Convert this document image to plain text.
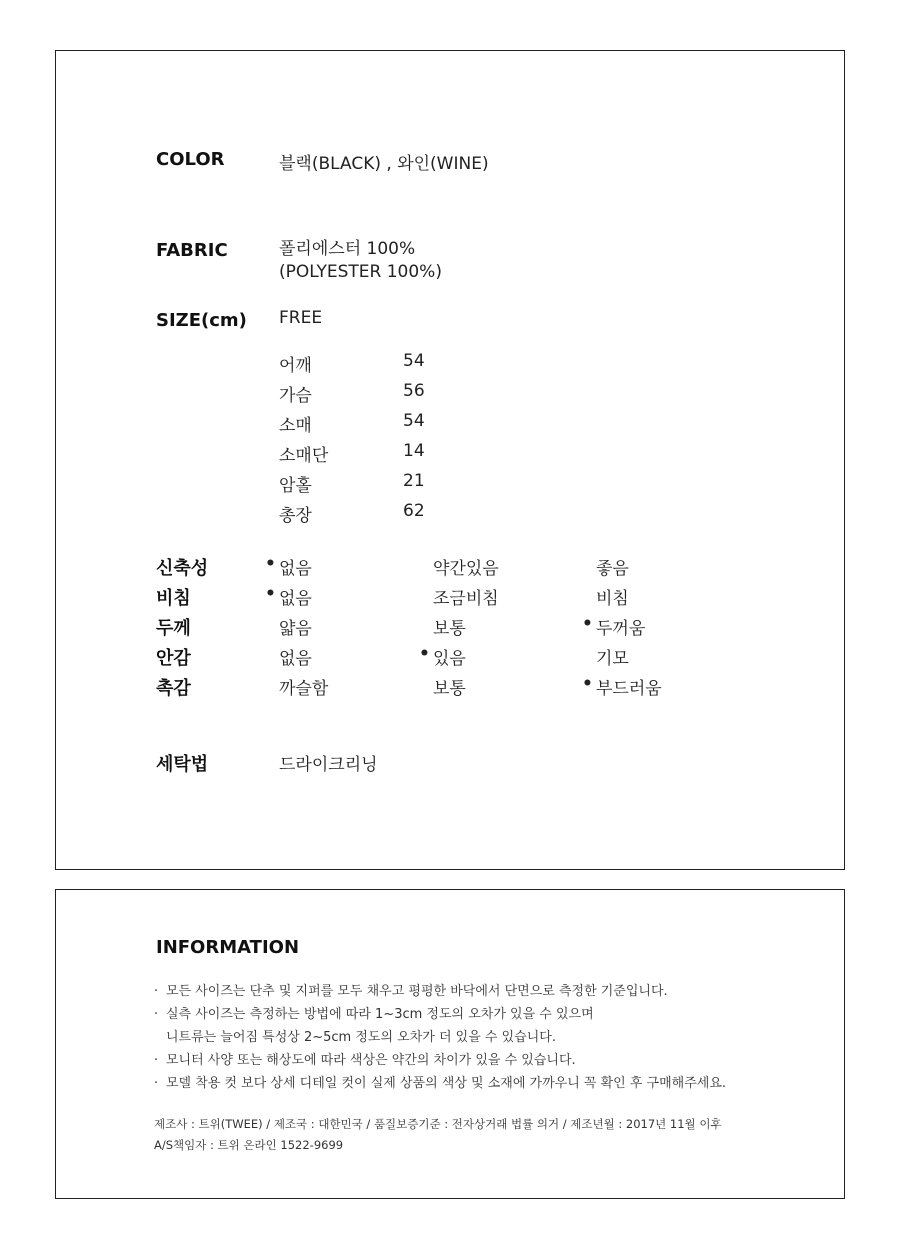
COLOR	블랙(BLACK) , 와인(WINE)
FABRIC	폴리에스터 100%
(POLYESTER 100%)
SIZE(cm) FREE
어깨	54
가슴	56
소매	54
소매단	14
암홀	21
총장	62
신축성	• 없음	약간있음	좋음
비침	• 없음	조금비침	비침
두께	얇음	보통	• 두꺼움
안감	없음	• 있음	기모
촉감	까슬함	보통	• 부드러움
세탁법	드라이크리닝
INFORMATION
· 모든 사이즈는 단추 및 지퍼를 모두 채우고 평평한 바닥에서 단면으로 측정한 기준입니다.
· 실측 사이즈는 측정하는 방법에 따라 1~3cm 정도의 오차가 있을 수 있으며
니트류는 늘어짐 특성상 2~5cm 정도의 오차가 더 있을 수 있습니다.
· 모니터 사양 또는 해상도에 따라 색상은 약간의 차이가 있을 수 있습니다.
· 모델 착용 컷 보다 상세 디테일 컷이 실제 상품의 색상 및 소재에 가까우니 꼭 확인 후 구매해주세요.
제조사 : 트위(TWEE) / 제조국 : 대한민국 / 품질보증기준 : 전자상거래 법률 의거 / 제조년월 : 2017년 11월 이후
A/S책임자 : 트위 온라인 1522-9699
